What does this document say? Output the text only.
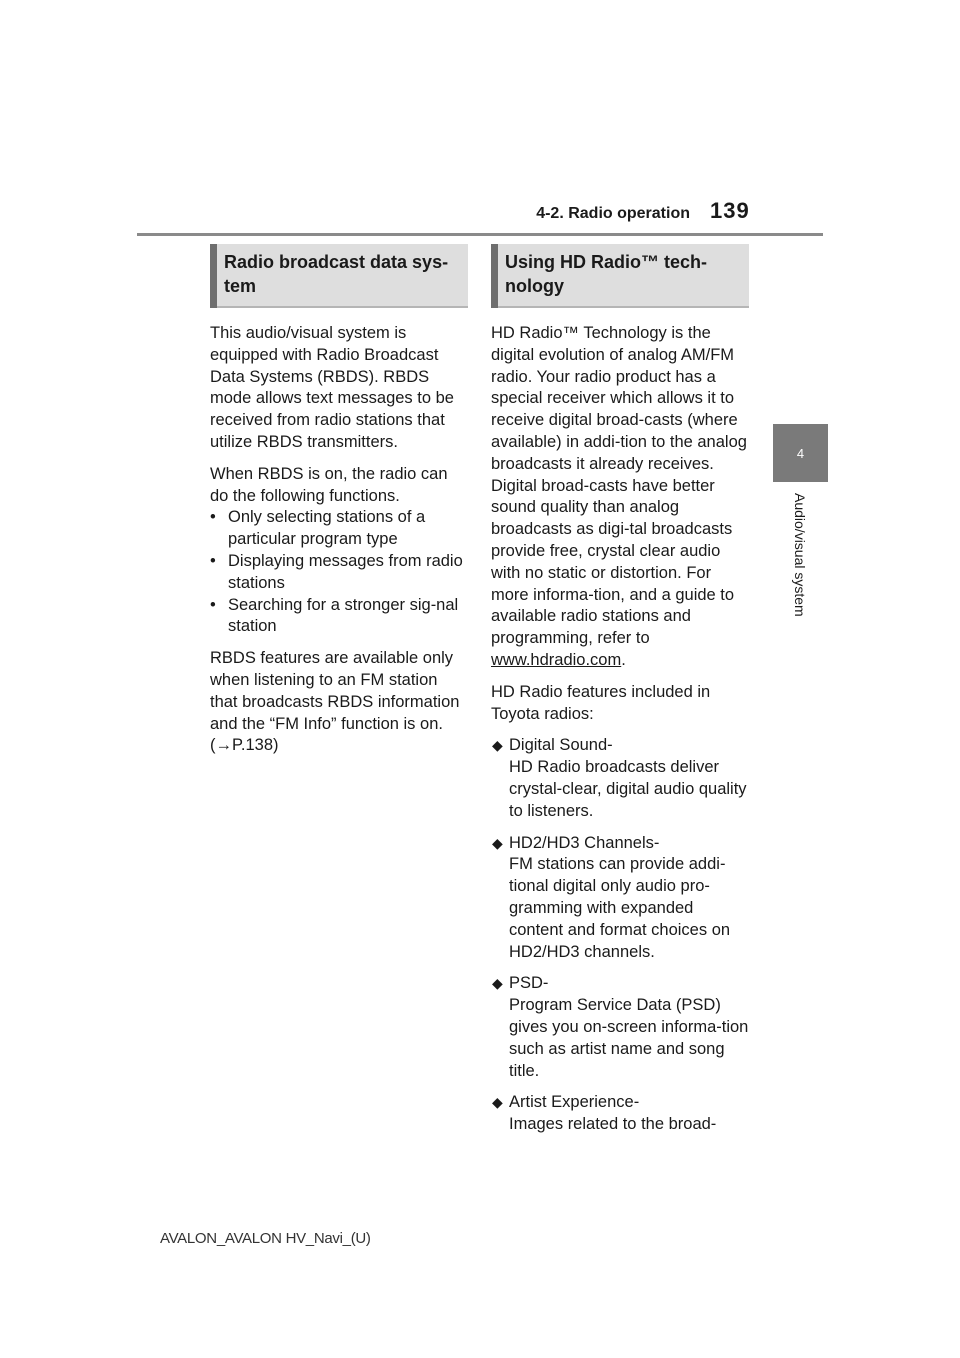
4-2. Radio operation 139
4
Audio/visual system
Radio broadcast data sys-tem

This audio/visual system is equipped with Radio Broadcast Data Systems (RBDS). RBDS mode allows text messages to be received from radio stations that utilize RBDS transmitters.

When RBDS is on, the radio can do the following functions.

• Only selecting stations of a particular program type
• Displaying messages from radio stations
• Searching for a stronger sig-nal station

RBDS features are available only when listening to an FM station that broadcasts RBDS information and the “FM Info” function is on. (→P.138)

Using HD Radio™ tech-nology

HD Radio™ Technology is the digital evolution of analog AM/FM radio. Your radio product has a special receiver which allows it to receive digital broad-casts (where available) in addi-tion to the analog broadcasts it already receives. Digital broad-casts have better sound quality than analog broadcasts as digi-tal broadcasts provide free, crystal clear audio with no static or distortion. For more informa-tion, and a guide to available radio stations and programming, refer to www.hdradio.com.

HD Radio features included in Toyota radios:

◆ Digital Sound-
HD Radio broadcasts deliver crystal-clear, digital audio quality to listeners.
◆ HD2/HD3 Channels-
FM stations can provide addi-tional digital only audio pro-gramming with expanded content and format choices on HD2/HD3 channels.
◆ PSD-
Program Service Data (PSD) gives you on-screen informa-tion such as artist name and song title.
◆ Artist Experience-
Images related to the broad-
AVALON_AVALON HV_Navi_(U)
